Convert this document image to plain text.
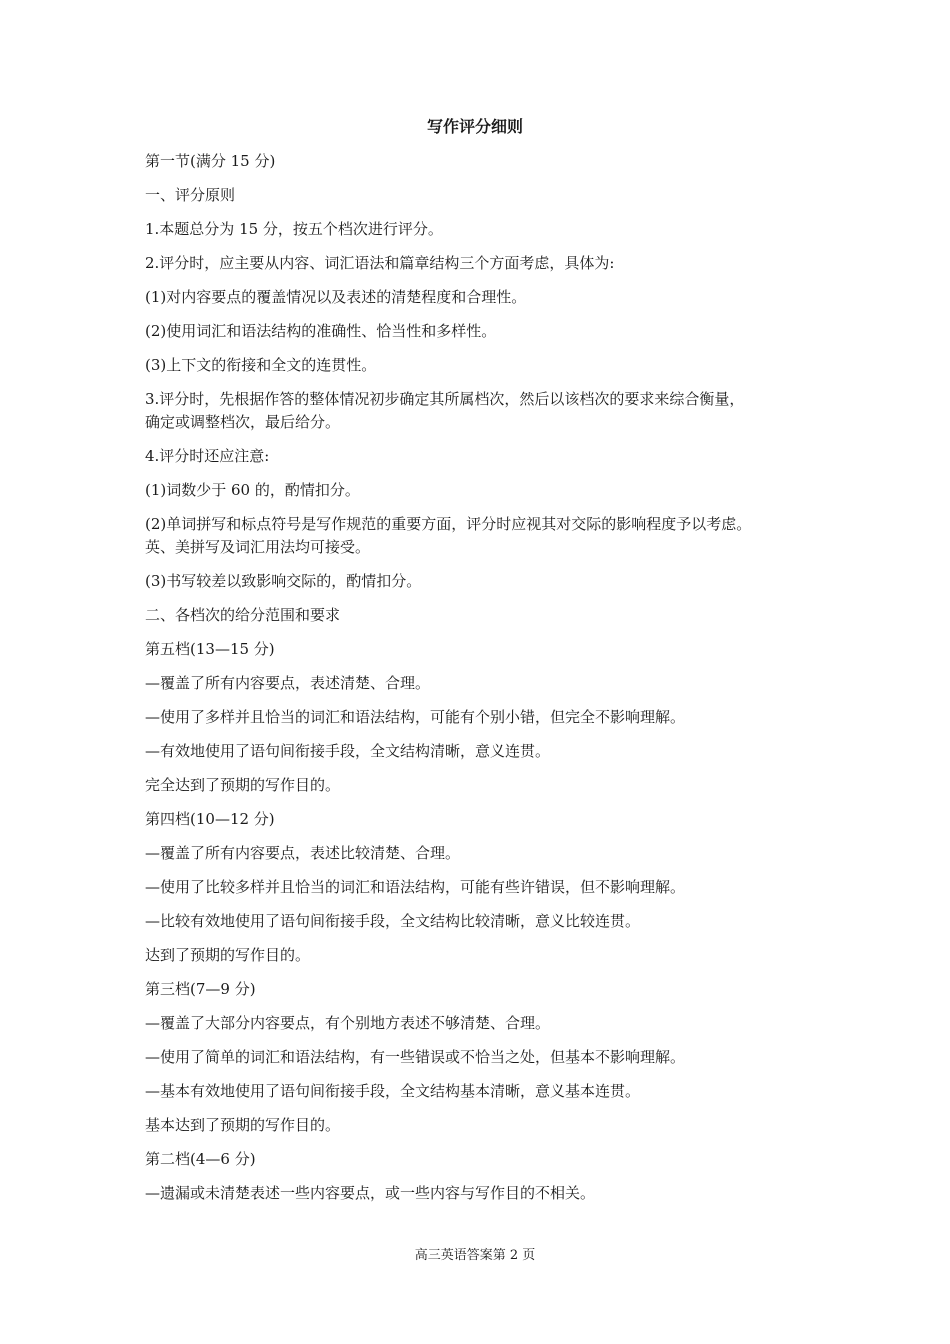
写作评分细则
第一节(满分 15 分)
一、评分原则
1.本题总分为 15 分，按五个档次进行评分。
2.评分时，应主要从内容、词汇语法和篇章结构三个方面考虑，具体为:
(1)对内容要点的覆盖情况以及表述的清楚程度和合理性。
(2)使用词汇和语法结构的准确性、恰当性和多样性。
(3)上下文的衔接和全文的连贯性。
3.评分时，先根据作答的整体情况初步确定其所属档次，然后以该档次的要求来综合衡量，
确定或调整档次，最后给分。
4.评分时还应注意:
(1)词数少于 60 的，酌情扣分。
(2)单词拼写和标点符号是写作规范的重要方面，评分时应视其对交际的影响程度予以考虑。
英、美拼写及词汇用法均可接受。
(3)书写较差以致影响交际的，酌情扣分。
二、各档次的给分范围和要求
第五档(13—15 分)
—覆盖了所有内容要点，表述清楚、合理。
—使用了多样并且恰当的词汇和语法结构，可能有个别小错，但完全不影响理解。
—有效地使用了语句间衔接手段，全文结构清晰，意义连贯。
完全达到了预期的写作目的。
第四档(10—12 分)
—覆盖了所有内容要点，表述比较清楚、合理。
—使用了比较多样并且恰当的词汇和语法结构，可能有些许错误，但不影响理解。
—比较有效地使用了语句间衔接手段，全文结构比较清晰，意义比较连贯。
达到了预期的写作目的。
第三档(7—9 分)
—覆盖了大部分内容要点，有个别地方表述不够清楚、合理。
—使用了简单的词汇和语法结构，有一些错误或不恰当之处，但基本不影响理解。
—基本有效地使用了语句间衔接手段，全文结构基本清晰，意义基本连贯。
基本达到了预期的写作目的。
第二档(4—6 分)
—遗漏或未清楚表述一些内容要点，或一些内容与写作目的不相关。
高三英语答案第 2 页
